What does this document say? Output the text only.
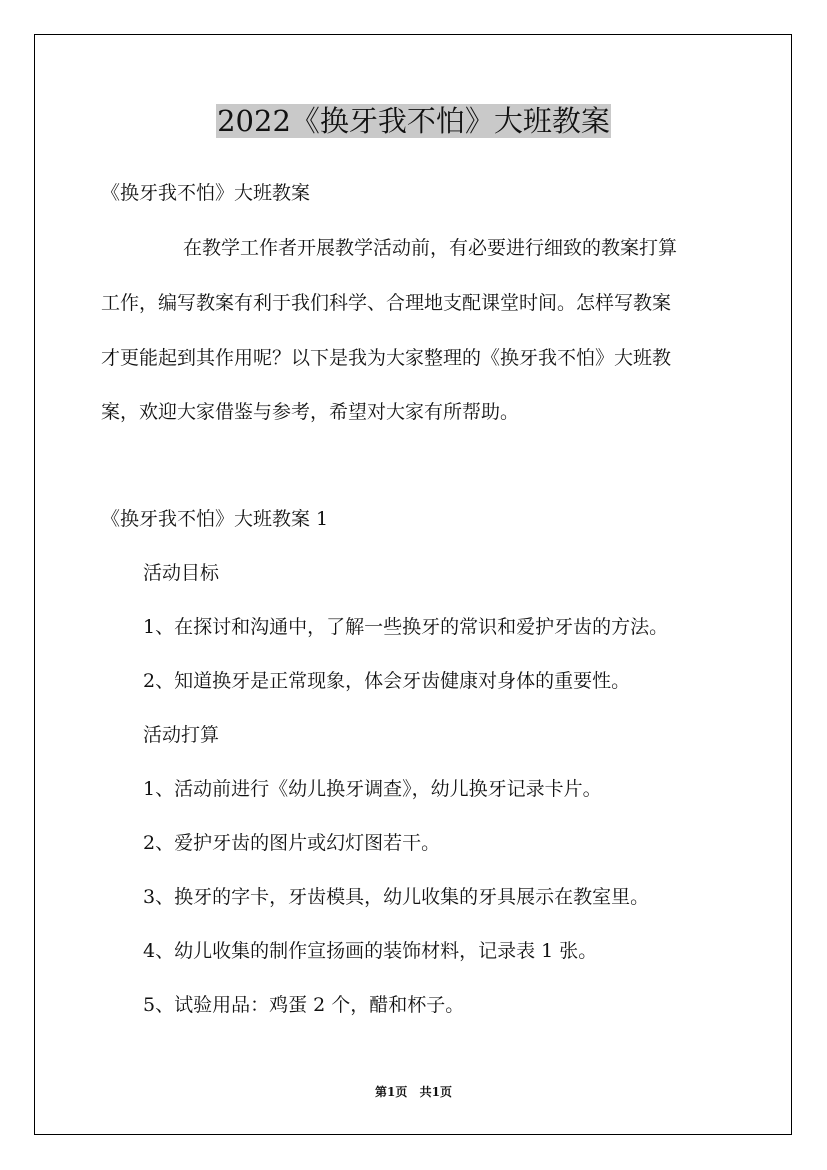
2022《换牙我不怕》大班教案
《换牙我不怕》大班教案
在教学工作者开展教学活动前，有必要进行细致的教案打算
工作，编写教案有利于我们科学、合理地支配课堂时间。怎样写教案
才更能起到其作用呢？以下是我为大家整理的《换牙我不怕》大班教
案，欢迎大家借鉴与参考，希望对大家有所帮助。
《换牙我不怕》大班教案 1
活动目标
1、在探讨和沟通中，了解一些换牙的常识和爱护牙齿的方法。
2、知道换牙是正常现象，体会牙齿健康对身体的重要性。
活动打算
1、活动前进行《幼儿换牙调查》，幼儿换牙记录卡片。
2、爱护牙齿的图片或幻灯图若干。
3、换牙的字卡，牙齿模具，幼儿收集的牙具展示在教室里。
4、幼儿收集的制作宣扬画的装饰材料，记录表 1 张。
5、试验用品：鸡蛋 2 个，醋和杯子。
第1页 共1页
